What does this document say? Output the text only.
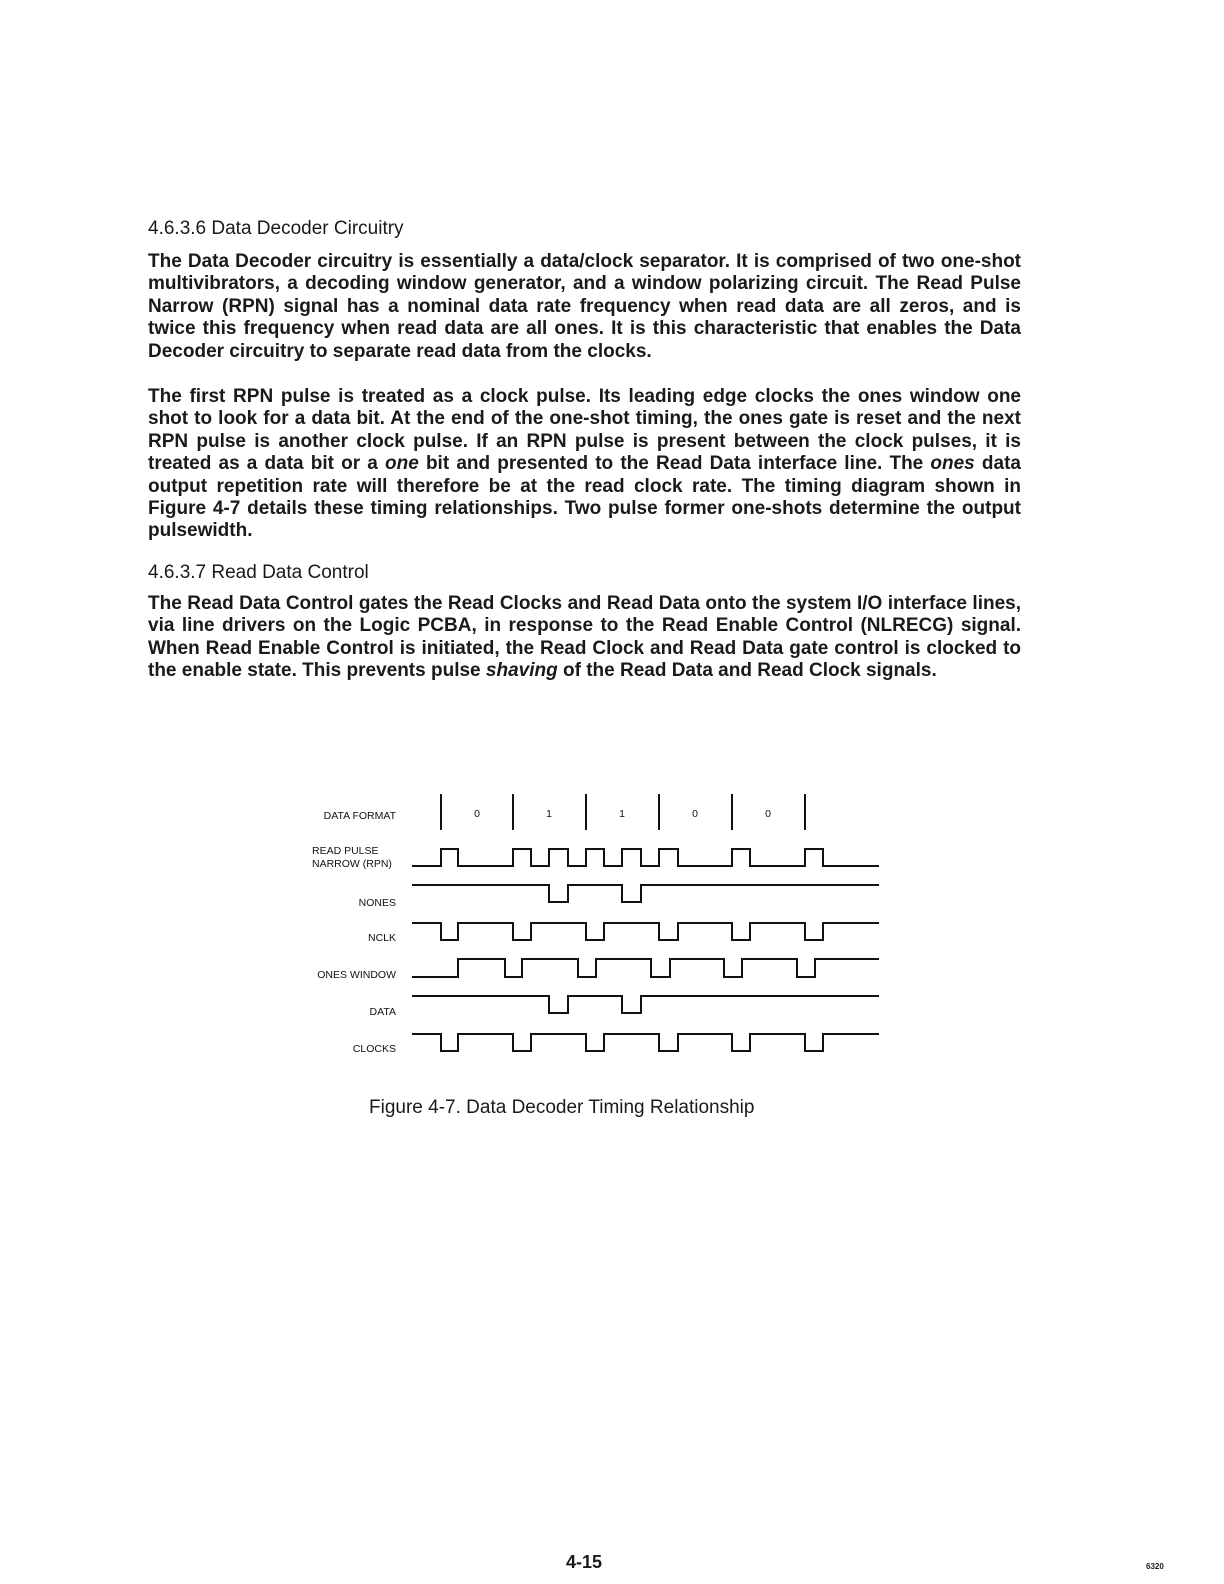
4.6.3.6 Data Decoder Circuitry

The Data Decoder circuitry is essentially a data/clock separator. It is comprised of two one-shot multivibrators, a decoding window generator, and a window polarizing circuit. The Read Pulse Narrow (RPN) signal has a nominal data rate frequency when read data are all zeros, and is twice this frequency when read data are all ones. It is this characteristic that enables the Data Decoder circuitry to separate read data from the clocks.

The first RPN pulse is treated as a clock pulse. Its leading edge clocks the ones window one shot to look for a data bit. At the end of the one-shot timing, the ones gate is reset and the next RPN pulse is another clock pulse. If an RPN pulse is present between the clock pulses, it is treated as a data bit or a one bit and presented to the Read Data interface line. The ones data output repetition rate will therefore be at the read clock rate. The timing diagram shown in Figure 4-7 details these timing relationships. Two pulse former one-shots determine the output pulsewidth.

4.6.3.7 Read Data Control

The Read Data Control gates the Read Clocks and Read Data onto the system I/O interface lines, via line drivers on the Logic PCBA, in response to the Read Enable Control (NLRECG) signal. When Read Enable Control is initiated, the Read Clock and Read Data gate control is clocked to the enable state. This prevents pulse shaving of the Read Data and Read Clock signals.

DATA FORMAT	0	1	1	0	0
READ PULSE
NARROW (RPN)
NONES
NCLK
ONES WINDOW
DATA
CLOCKS

Figure 4-7. Data Decoder Timing Relationship

4-15	6320
